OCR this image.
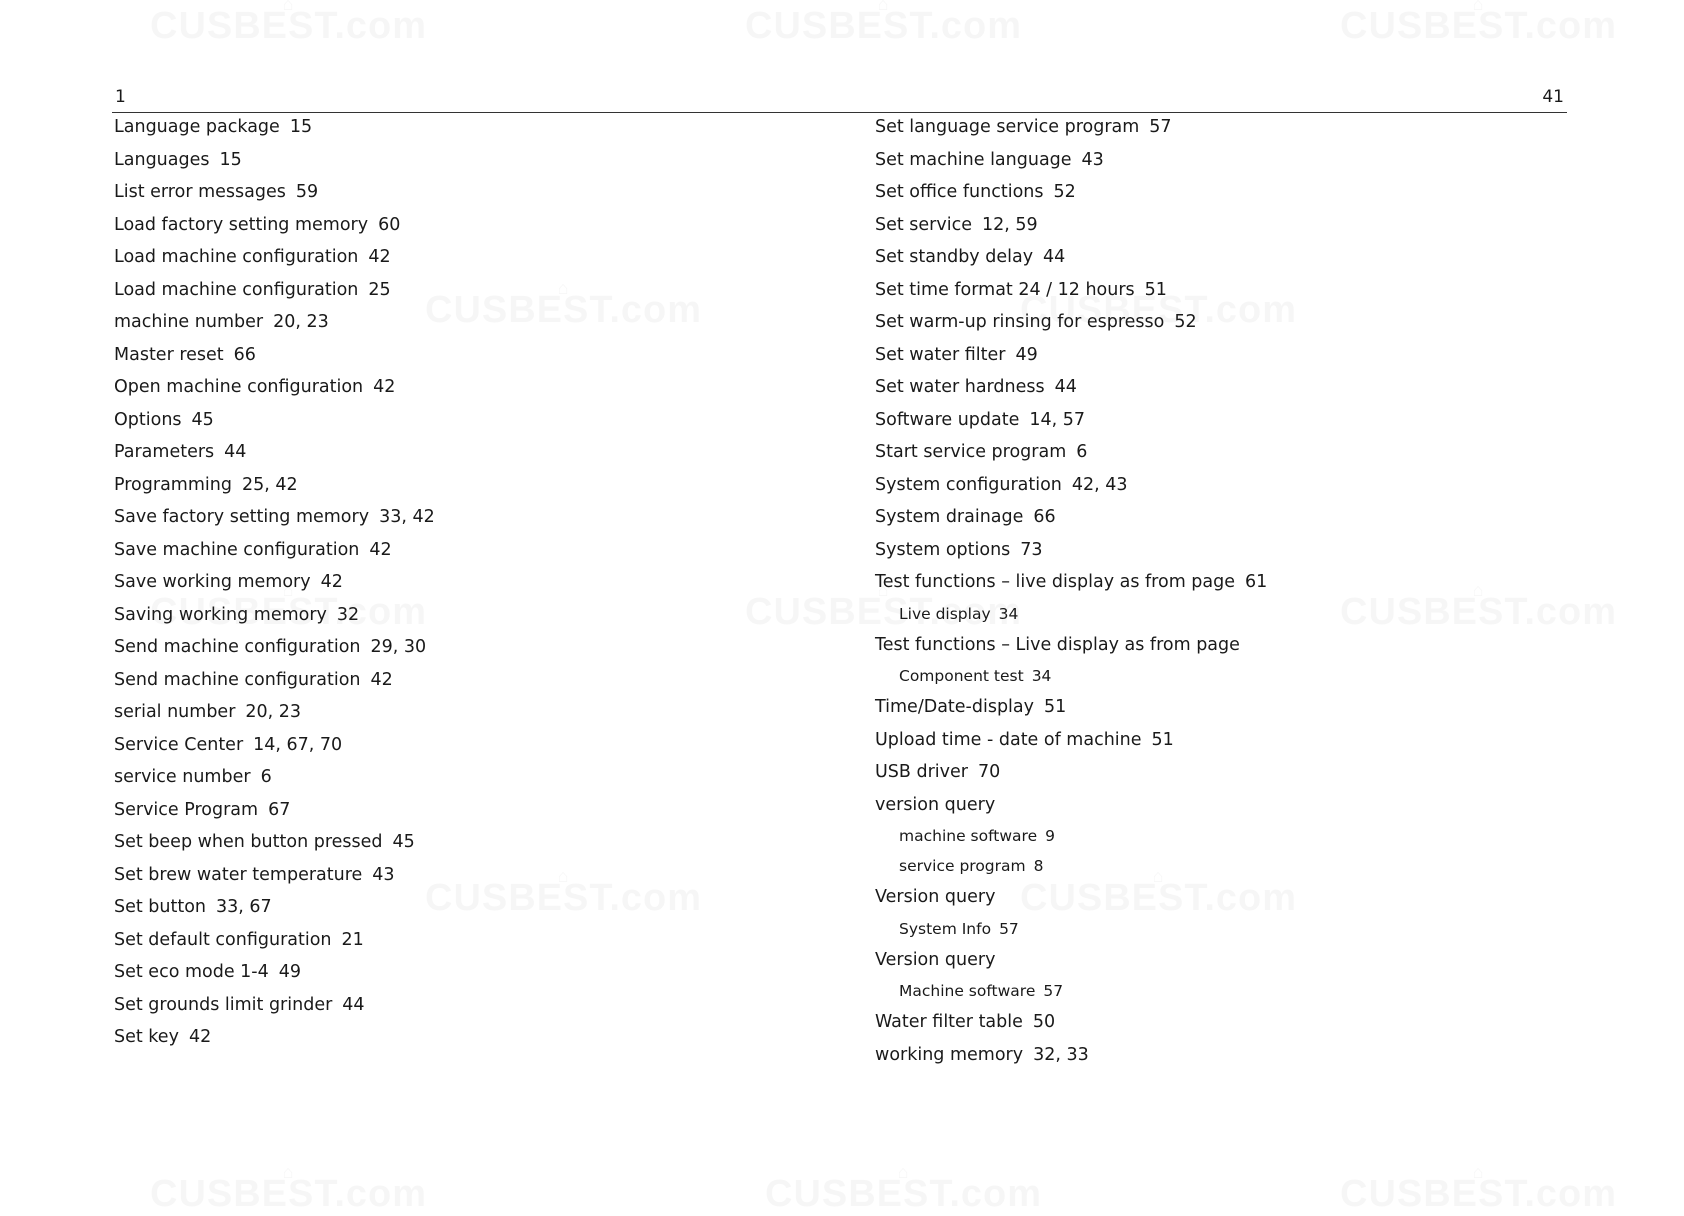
1	41
Language package 15
Languages 15
List error messages 59
Load factory setting memory 60
Load machine configuration 42
Load machine configuration 25
machine number 20, 23
Master reset 66
Open machine configuration 42
Options 45
Parameters 44
Programming 25, 42
Save factory setting memory 33, 42
Save machine configuration 42
Save working memory 42
Saving working memory 32
Send machine configuration 29, 30
Send machine configuration 42
serial number 20, 23
Service Center 14, 67, 70
service number 6
Service Program 67
Set beep when button pressed 45
Set brew water temperature 43
Set button 33, 67
Set default configuration 21
Set eco mode 1-4 49
Set grounds limit grinder 44
Set key 42
Set language service program 57
Set machine language 43
Set office functions 52
Set service 12, 59
Set standby delay 44
Set time format 24 / 12 hours 51
Set warm-up rinsing for espresso 52
Set water filter 49
Set water hardness 44
Software update 14, 57
Start service program 6
System configuration 42, 43
System drainage 66
System options 73
Test functions – live display as from page 61
Live display 34
Test functions – Live display as from page
Component test 34
Time/Date-display 51
Upload time - date of machine 51
USB driver 70
version query
machine software 9
service program 8
Version query
System Info 57
Version query
Machine software 57
Water filter table 50
working memory 32, 33
